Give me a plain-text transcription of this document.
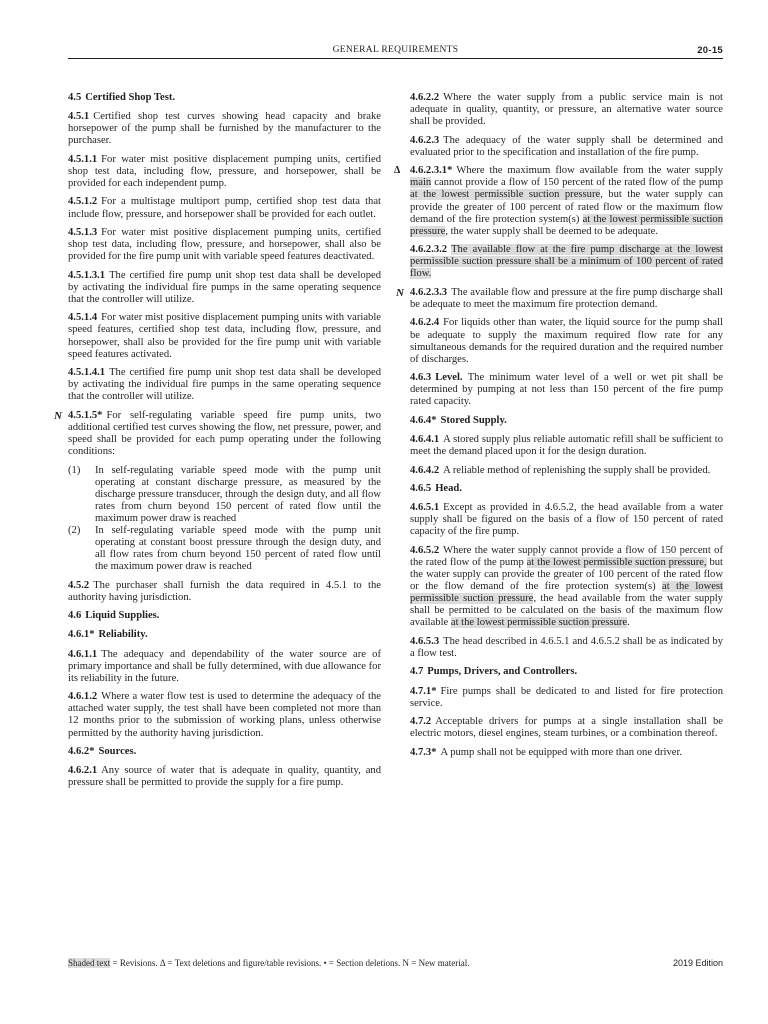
GENERAL REQUIREMENTS	20-15
4.5 Certified Shop Test.
4.5.1 Certified shop test curves showing head capacity and brake horsepower of the pump shall be furnished by the manufacturer to the purchaser.
4.5.1.1 For water mist positive displacement pumping units, certified shop test data, including flow, pressure, and horsepower, shall be provided for each independent pump.
4.5.1.2 For a multistage multiport pump, certified shop test data that include flow, pressure, and horsepower shall be provided for each outlet.
4.5.1.3 For water mist positive displacement pumping units, certified shop test data, including flow, pressure, and horsepower, shall also be provided for the fire pump unit with variable speed features deactivated.
4.5.1.3.1 The certified fire pump unit shop test data shall be developed by activating the individual fire pumps in the same operating sequence that the controller will utilize.
4.5.1.4 For water mist positive displacement pumping units with variable speed features, certified shop test data, including flow, pressure, and horsepower, shall also be provided for the fire pump unit with variable speed features activated.
4.5.1.4.1 The certified fire pump unit shop test data shall be developed by activating the individual fire pumps in the same operating sequence that the controller will utilize.
N 4.5.1.5* For self-regulating variable speed fire pump units, two additional certified test curves showing the flow, net pressure, power, and speed shall be provided for each pump operating under the following conditions:
(1) In self-regulating variable speed mode with the pump unit operating at constant discharge pressure, as measured by the discharge pressure transducer, through the design duty, and all flow rates from churn beyond 150 percent of rated flow until the maximum power draw is reached
(2) In self-regulating variable speed mode with the pump unit operating at constant boost pressure through the design duty, and all flow rates from churn beyond 150 percent of rated flow until the maximum power draw is reached
4.5.2 The purchaser shall furnish the data required in 4.5.1 to the authority having jurisdiction.
4.6 Liquid Supplies.
4.6.1* Reliability.
4.6.1.1 The adequacy and dependability of the water source are of primary importance and shall be fully determined, with due allowance for its reliability in the future.
4.6.1.2 Where a water flow test is used to determine the adequacy of the attached water supply, the test shall have been completed not more than 12 months prior to the submission of working plans, unless otherwise permitted by the authority having jurisdiction.
4.6.2* Sources.
4.6.2.1 Any source of water that is adequate in quality, quantity, and pressure shall be permitted to provide the supply for a fire pump.
4.6.2.2 Where the water supply from a public service main is not adequate in quality, quantity, or pressure, an alternative water source shall be provided.
4.6.2.3 The adequacy of the water supply shall be determined and evaluated prior to the specification and installation of the fire pump.
Δ 4.6.2.3.1* Where the maximum flow available from the water supply main cannot provide a flow of 150 percent of the rated flow of the pump at the lowest permissible suction pressure, but the water supply can provide the greater of 100 percent of rated flow or the maximum flow demand of the fire protection system(s) at the lowest permissible suction pressure, the water supply shall be deemed to be adequate.
4.6.2.3.2 The available flow at the fire pump discharge at the lowest permissible suction pressure shall be a minimum of 100 percent of rated flow.
N 4.6.2.3.3 The available flow and pressure at the fire pump discharge shall be adequate to meet the maximum fire protection demand.
4.6.2.4 For liquids other than water, the liquid source for the pump shall be adequate to supply the maximum required flow rate for any simultaneous demands for the required duration and the required number of discharges.
4.6.3 Level. The minimum water level of a well or wet pit shall be determined by pumping at not less than 150 percent of the fire pump rated capacity.
4.6.4* Stored Supply.
4.6.4.1 A stored supply plus reliable automatic refill shall be sufficient to meet the demand placed upon it for the design duration.
4.6.4.2 A reliable method of replenishing the supply shall be provided.
4.6.5 Head.
4.6.5.1 Except as provided in 4.6.5.2, the head available from a water supply shall be figured on the basis of a flow of 150 percent of rated capacity of the fire pump.
4.6.5.2 Where the water supply cannot provide a flow of 150 percent of the rated flow of the pump at the lowest permissible suction pressure, but the water supply can provide the greater of 100 percent of the rated flow or the flow demand of the fire protection system(s) at the lowest permissible suction pressure, the head available from the water supply shall be permitted to be calculated on the basis of the maximum flow available at the lowest permissible suction pressure.
4.6.5.3 The head described in 4.6.5.1 and 4.6.5.2 shall be as indicated by a flow test.
4.7 Pumps, Drivers, and Controllers.
4.7.1* Fire pumps shall be dedicated to and listed for fire protection service.
4.7.2 Acceptable drivers for pumps at a single installation shall be electric motors, diesel engines, steam turbines, or a combination thereof.
4.7.3* A pump shall not be equipped with more than one driver.
Shaded text = Revisions. Δ = Text deletions and figure/table revisions. • = Section deletions. N = New material.	2019 Edition
